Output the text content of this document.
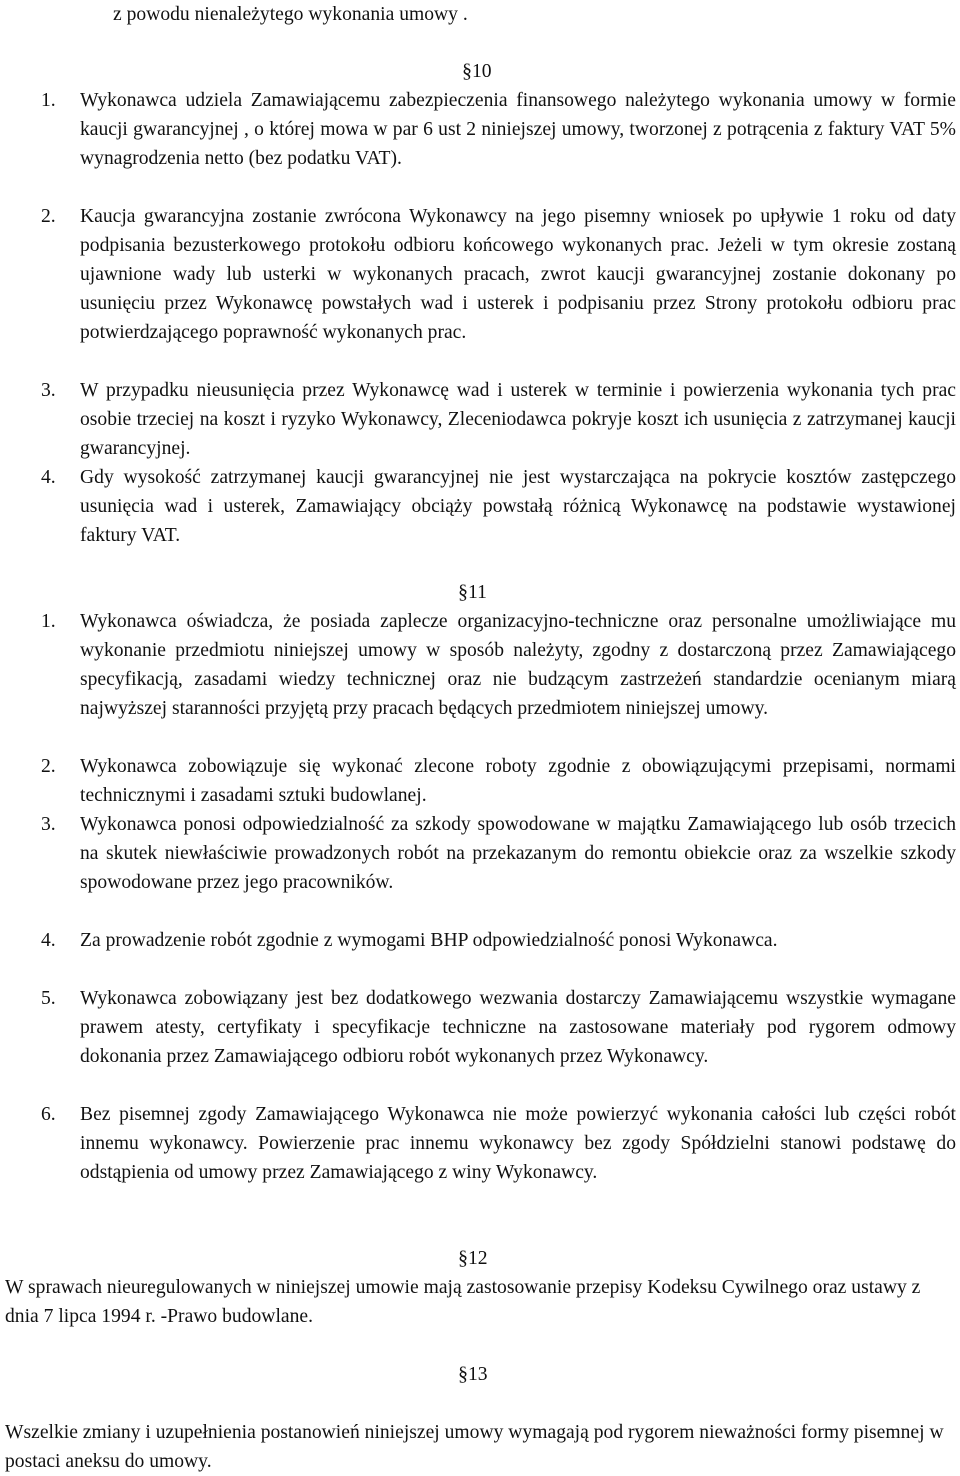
z powodu nienależytego wykonania umowy .
§10
1. Wykonawca udziela Zamawiającemu zabezpieczenia finansowego należytego wykonania umowy w formie kaucji gwarancyjnej , o której mowa w par 6 ust 2 niniejszej umowy, tworzonej z potrącenia z faktury VAT 5% wynagrodzenia netto (bez podatku VAT).
2. Kaucja gwarancyjna zostanie zwrócona Wykonawcy na jego pisemny wniosek po upływie 1 roku od daty podpisania bezusterkowego protokołu odbioru końcowego wykonanych prac. Jeżeli w tym okresie zostaną ujawnione wady lub usterki w wykonanych pracach, zwrot kaucji gwarancyjnej zostanie dokonany po usunięciu przez Wykonawcę powstałych wad i usterek i podpisaniu przez Strony protokołu odbioru prac potwierdzającego poprawność wykonanych prac.
3. W przypadku nieusunięcia przez Wykonawcę wad i usterek w terminie i powierzenia wykonania tych prac osobie trzeciej na koszt i ryzyko Wykonawcy, Zleceniodawca pokryje koszt ich usunięcia z zatrzymanej kaucji gwarancyjnej.
4. Gdy wysokość zatrzymanej kaucji gwarancyjnej nie jest wystarczająca na pokrycie kosztów zastępczego usunięcia wad i usterek, Zamawiający obciąży powstałą różnicą Wykonawcę na podstawie wystawionej faktury VAT.
§11
1. Wykonawca oświadcza, że posiada zaplecze organizacyjno-techniczne oraz personalne umożliwiające mu wykonanie przedmiotu niniejszej umowy w sposób należyty, zgodny z dostarczoną przez Zamawiającego specyfikacją, zasadami wiedzy technicznej oraz nie budzącym zastrzeżeń standardzie ocenianym miarą najwyższej staranności przyjętą przy pracach będących przedmiotem niniejszej umowy.
2. Wykonawca zobowiązuje się wykonać zlecone roboty zgodnie z obowiązującymi przepisami, normami technicznymi i zasadami sztuki budowlanej.
3. Wykonawca ponosi odpowiedzialność za szkody spowodowane w majątku Zamawiającego lub osób trzecich na skutek niewłaściwie prowadzonych robót na przekazanym do remontu obiekcie oraz za wszelkie szkody spowodowane przez jego pracowników.
4. Za prowadzenie robót zgodnie z wymogami BHP odpowiedzialność ponosi Wykonawca.
5. Wykonawca zobowiązany jest bez dodatkowego wezwania dostarczy Zamawiającemu wszystkie wymagane prawem atesty, certyfikaty i specyfikacje techniczne na zastosowane materiały pod rygorem odmowy dokonania przez Zamawiającego odbioru robót wykonanych przez Wykonawcy.
6. Bez pisemnej zgody Zamawiającego Wykonawca nie może powierzyć wykonania całości lub części robót innemu wykonawcy. Powierzenie prac innemu wykonawcy bez zgody Spółdzielni stanowi podstawę do odstąpienia od umowy przez Zamawiającego z winy Wykonawcy.
§12
W sprawach nieuregulowanych w niniejszej umowie mają zastosowanie przepisy Kodeksu Cywilnego oraz ustawy z dnia 7 lipca 1994 r. -Prawo budowlane.
§13
Wszelkie zmiany i uzupełnienia postanowień niniejszej umowy wymagają pod rygorem nieważności formy pisemnej w postaci aneksu do umowy.
